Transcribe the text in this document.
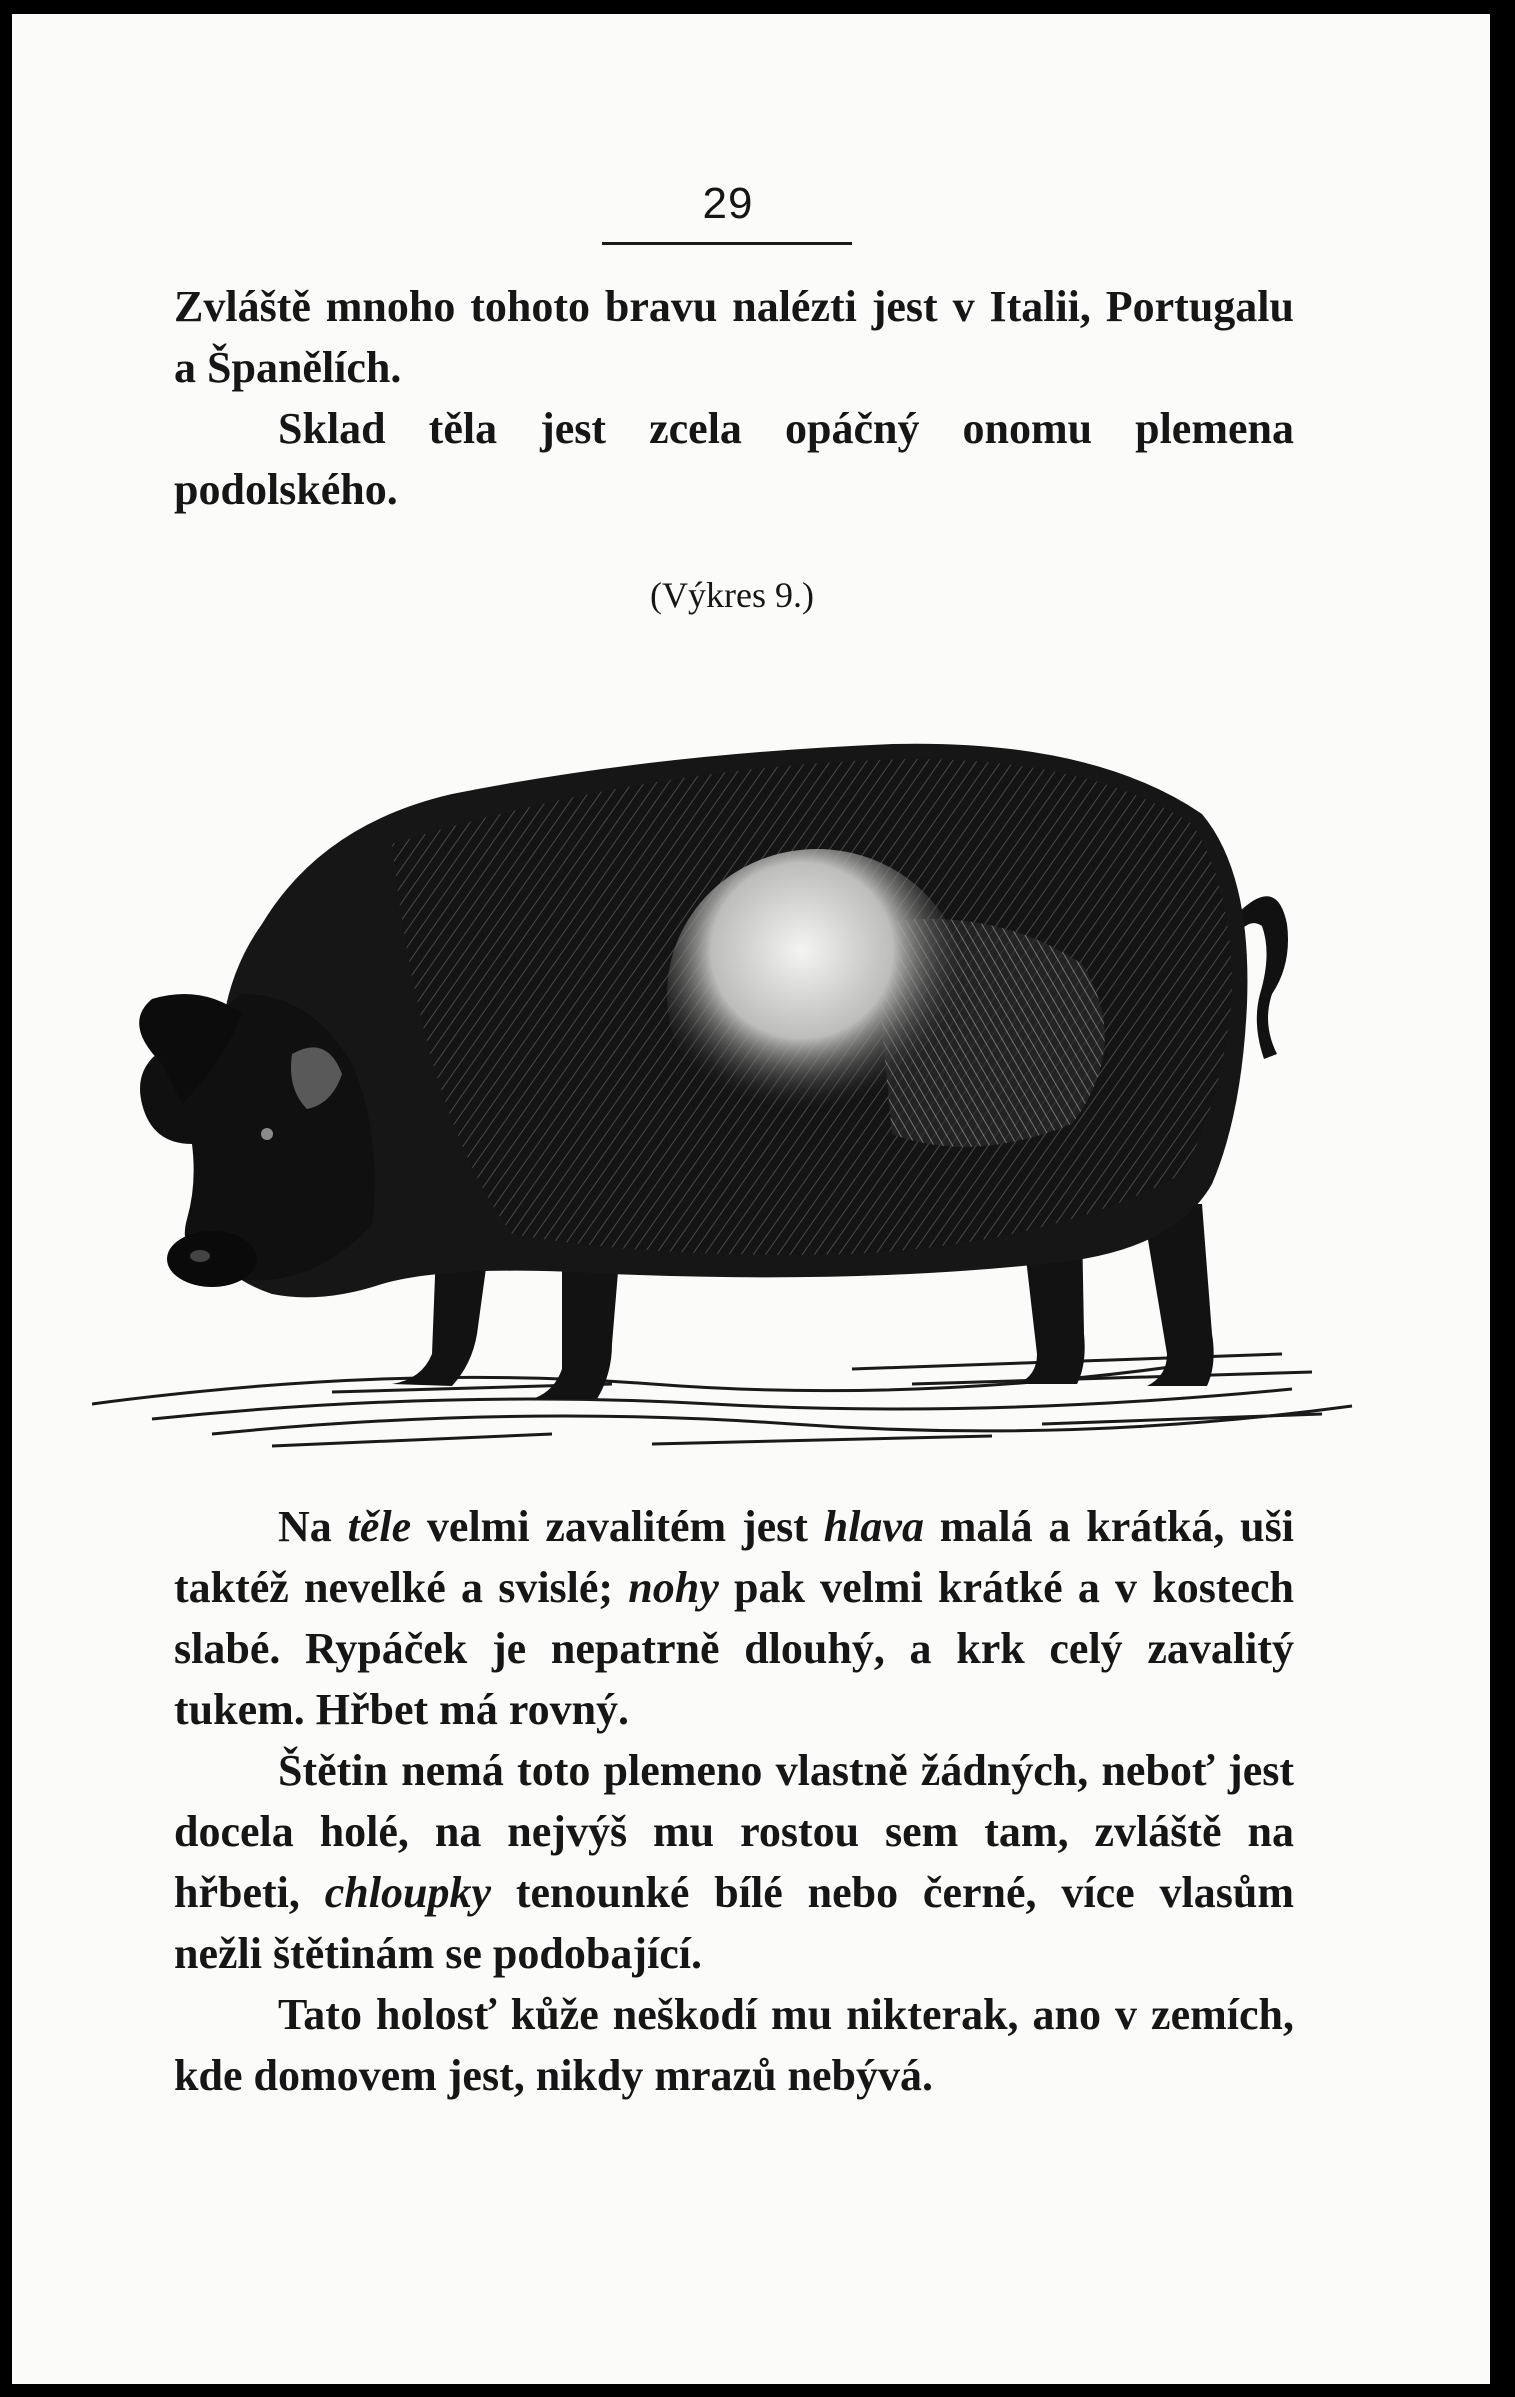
29

Zvláště mnoho tohoto bravu nalézti jest v Italii, Portugalu a Španělích.

Sklad těla jest zcela opáčný onomu plemena podolského.

(Výkres 9.)

Na těle velmi zavalitém jest hlava malá a krátká, uši taktéž nevelké a svislé; nohy pak velmi krátké a v kostech slabé. Rypáček je nepatrně dlouhý, a krk celý zavalitý tukem. Hřbet má rovný.

Štětin nemá toto plemeno vlastně žádných, neboť jest docela holé, na nejvýš mu rostou sem tam, zvláště na hřbeti, chloupky tenounké bílé nebo černé, více vlasům nežli štětinám se podobající.

Tato holosť kůže neškodí mu nikterak, ano v zemích, kde domovem jest, nikdy mrazů nebývá.
